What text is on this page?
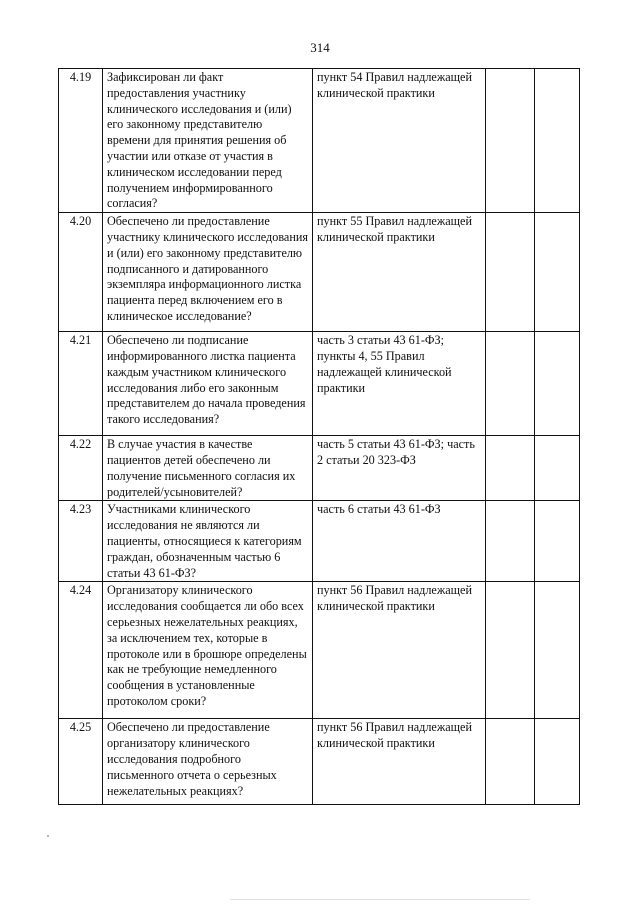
314
4.19	Зафиксирован ли факт предоставления участнику клинического исследования и (или) его законному представителю времени для принятия решения об участии или отказе от участия в клиническом исследовании перед получением информированного согласия?	пункт 54 Правил надлежащей клинической практики		
4.20	Обеспечено ли предоставление участнику клинического исследования и (или) его законному представителю подписанного и датированного экземпляра информационного листка пациента перед включением его в клиническое исследование?	пункт 55 Правил надлежащей клинической практики		
4.21	Обеспечено ли подписание информированного листка пациента каждым участником клинического исследования либо его законным представителем до начала проведения такого исследования?	часть 3 статьи 43 61-ФЗ; пункты 4, 55 Правил надлежащей клинической практики		
4.22	В случае участия в качестве пациентов детей обеспечено ли получение письменного согласия их родителей/усыновителей?	часть 5 статьи 43 61-ФЗ; часть 2 статьи 20 323-ФЗ		
4.23	Участниками клинического исследования не являются ли пациенты, относящиеся к категориям граждан, обозначенным частью 6 статьи 43 61-ФЗ?	часть 6 статьи 43 61-ФЗ		
4.24	Организатору клинического исследования сообщается ли обо всех серьезных нежелательных реакциях, за исключением тех, которые в протоколе или в брошюре определены как не требующие немедленного сообщения в установленные протоколом сроки?	пункт 56 Правил надлежащей клинической практики		
4.25	Обеспечено ли предоставление организатору клинического исследования подробного письменного отчета о серьезных нежелательных реакциях?	пункт 56 Правил надлежащей клинической практики		
